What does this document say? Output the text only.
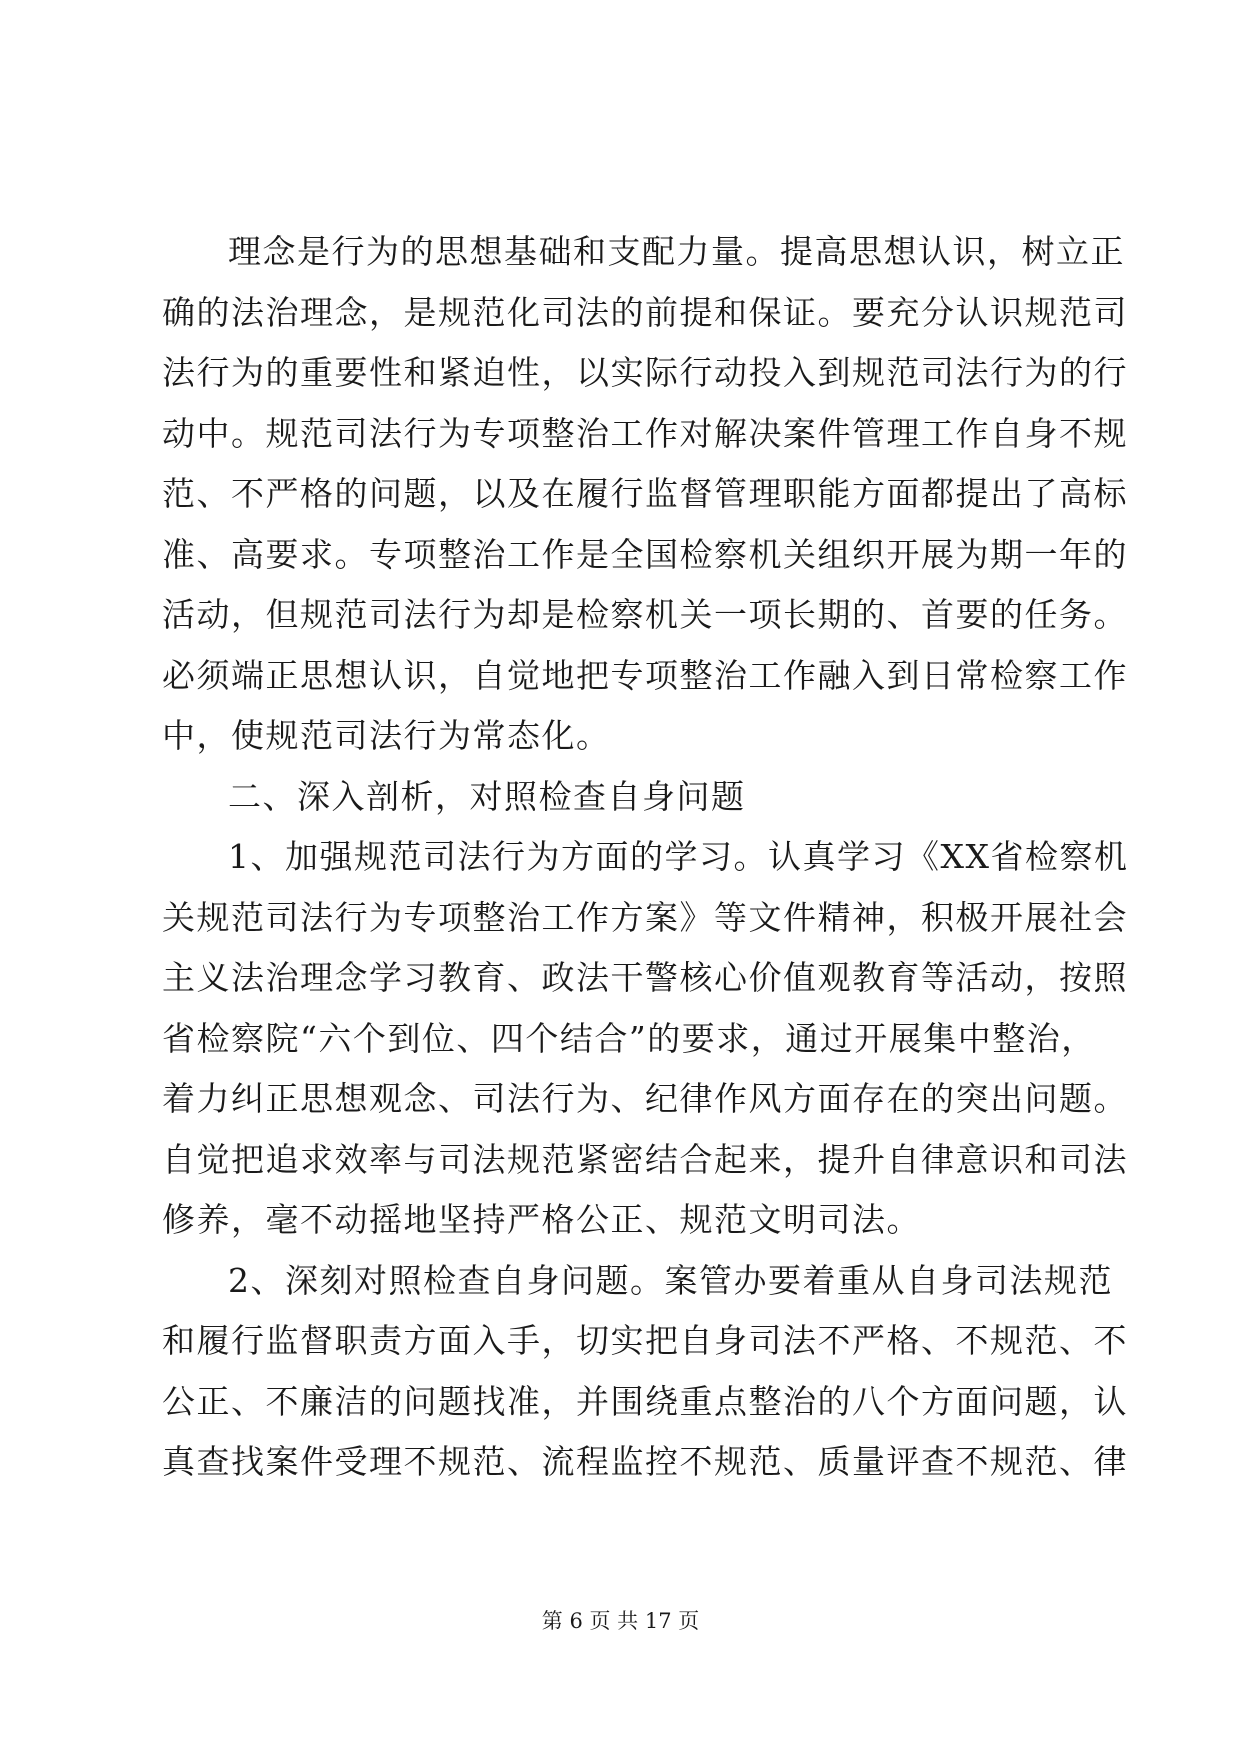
理念是行为的思想基础和支配力量。提高思想认识，树立正
确的法治理念，是规范化司法的前提和保证。要充分认识规范司
法行为的重要性和紧迫性，以实际行动投入到规范司法行为的行
动中。规范司法行为专项整治工作对解决案件管理工作自身不规
范、不严格的问题，以及在履行监督管理职能方面都提出了高标
准、高要求。专项整治工作是全国检察机关组织开展为期一年的
活动，但规范司法行为却是检察机关一项长期的、首要的任务。
必须端正思想认识，自觉地把专项整治工作融入到日常检察工作
中，使规范司法行为常态化。
二、深入剖析，对照检查自身问题
1、加强规范司法行为方面的学习。认真学习《XX省检察机
关规范司法行为专项整治工作方案》等文件精神，积极开展社会
主义法治理念学习教育、政法干警核心价值观教育等活动，按照
省检察院“六个到位、四个结合”的要求，通过开展集中整治，
着力纠正思想观念、司法行为、纪律作风方面存在的突出问题。
自觉把追求效率与司法规范紧密结合起来，提升自律意识和司法
修养，毫不动摇地坚持严格公正、规范文明司法。
2、深刻对照检查自身问题。案管办要着重从自身司法规范
和履行监督职责方面入手，切实把自身司法不严格、不规范、不
公正、不廉洁的问题找准，并围绕重点整治的八个方面问题，认
真查找案件受理不规范、流程监控不规范、质量评查不规范、律
第 6 页 共 17 页
